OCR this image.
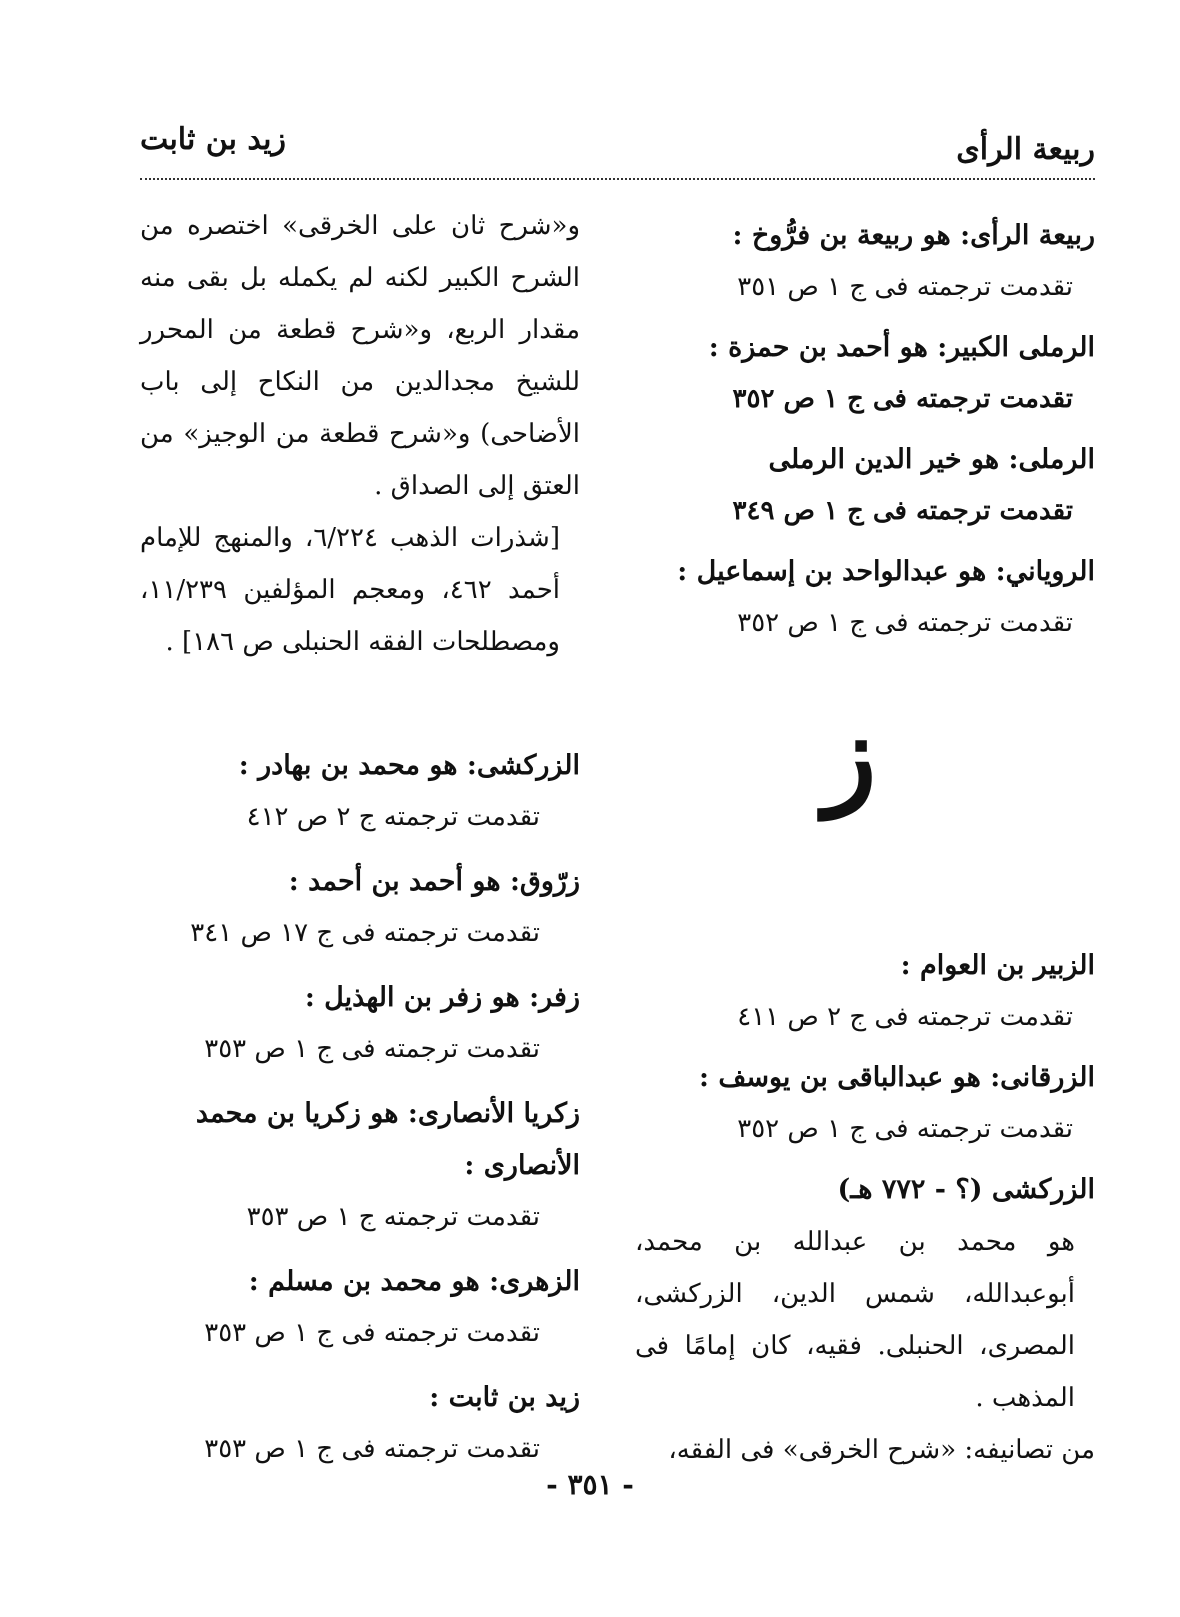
ربيعة الرأى
زيد بن ثابت
ربيعة الرأى: هو ربيعة بن فرُّوخ :
تقدمت ترجمته فى ج ١ ص ٣٥١
الرملى الكبير: هو أحمد بن حمزة :
تقدمت ترجمته فى ج ١ ص ٣٥٢
الرملى: هو خير الدين الرملى
تقدمت ترجمته فى ج ١ ص ٣٤٩
الروياني: هو عبدالواحد بن إسماعيل :
تقدمت ترجمته فى ج ١ ص ٣٥٢
ز
الزبير بن العوام :
تقدمت ترجمته فى ج ٢ ص ٤١١
الزرقانى: هو عبدالباقى بن يوسف :
تقدمت ترجمته فى ج ١ ص ٣٥٢
الزركشى (؟ - ٧٧٢ هـ)
هو محمد بن عبدالله بن محمد، أبوعبدالله، شمس الدين، الزركشى، المصرى، الحنبلى. فقيه، كان إمامًا فى المذهب .
من تصانيفه: «شرح الخرقى» فى الفقه،
و«شرح ثان على الخرقى» اختصره من الشرح الكبير لكنه لم يكمله بل بقى منه مقدار الربع، و«شرح قطعة من المحرر للشيخ مجدالدين من النكاح إلى باب الأضاحى) و«شرح قطعة من الوجيز» من العتق إلى الصداق .
[شذرات الذهب ٦/٢٢٤، والمنهج للإمام أحمد ٤٦٢، ومعجم المؤلفين ١١/٢٣٩، ومصطلحات الفقه الحنبلى ص ١٨٦] .
الزركشى: هو محمد بن بهادر :
تقدمت ترجمته ج ٢ ص ٤١٢
زرّوق: هو أحمد بن أحمد :
تقدمت ترجمته فى ج ١٧ ص ٣٤١
زفر: هو زفر بن الهذيل :
تقدمت ترجمته فى ج ١ ص ٣٥٣
زكريا الأنصارى: هو زكريا بن محمد الأنصارى :
تقدمت ترجمته ج ١ ص ٣٥٣
الزهرى: هو محمد بن مسلم :
تقدمت ترجمته فى ج ١ ص ٣٥٣
زيد بن ثابت :
تقدمت ترجمته فى ج ١ ص ٣٥٣
- ٣٥١ -
